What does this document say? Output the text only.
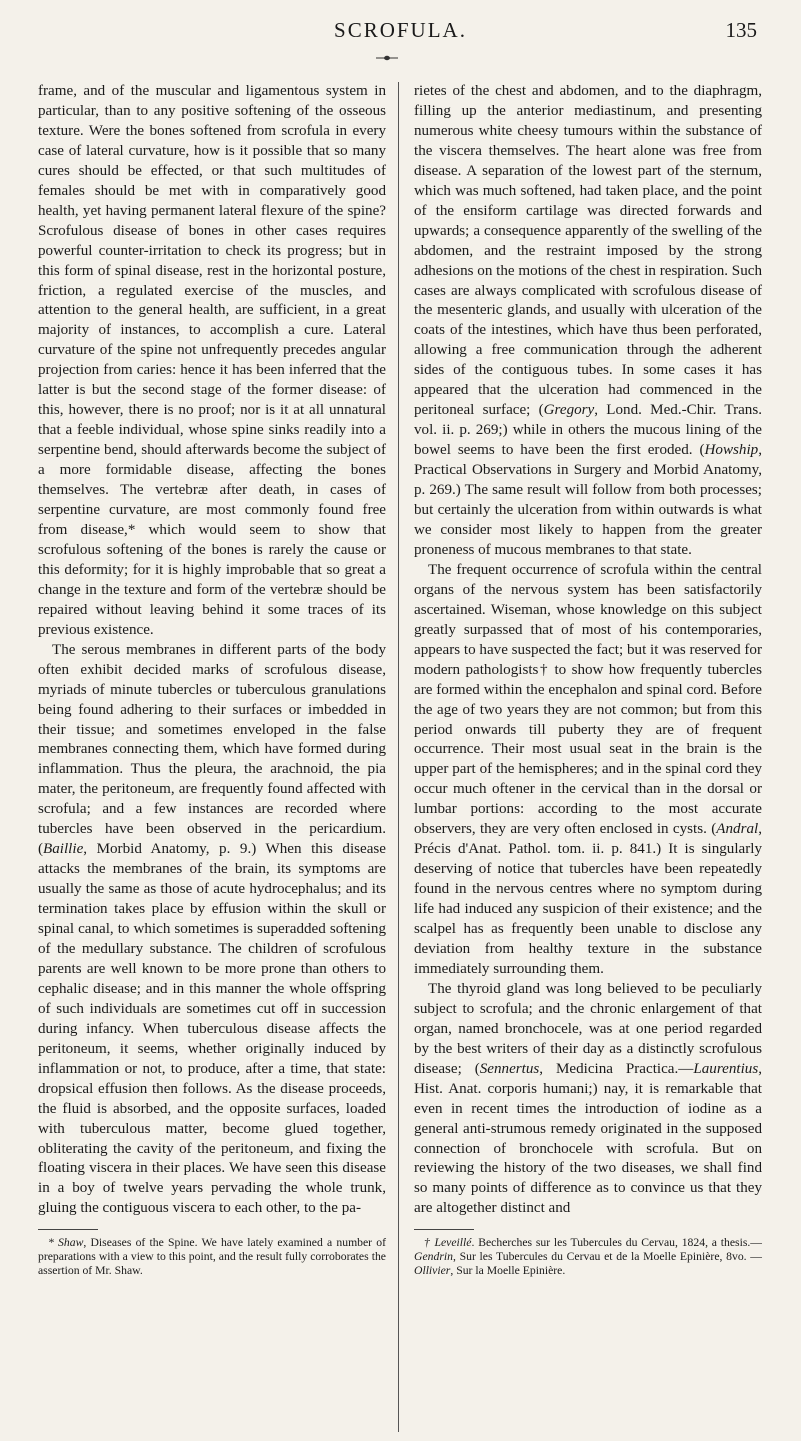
SCROFULA.	135

frame, and of the muscular and ligamentous system in particular, than to any positive softening of the osseous texture. Were the bones softened from scrofula in every case of lateral curvature, how is it possible that so many cures should be effected, or that such multitudes of females should be met with in comparatively good health, yet having permanent lateral flexure of the spine? Scrofulous disease of bones in other cases requires powerful counter-irritation to check its progress; but in this form of spinal disease, rest in the horizontal posture, friction, a regulated exercise of the muscles, and attention to the general health, are sufficient, in a great majority of instances, to accomplish a cure. Lateral curvature of the spine not unfrequently precedes angular projection from caries: hence it has been inferred that the latter is but the second stage of the former disease: of this, however, there is no proof; nor is it at all unnatural that a feeble individual, whose spine sinks readily into a serpentine bend, should afterwards become the subject of a more formidable disease, affecting the bones themselves. The vertebræ after death, in cases of serpentine curvature, are most commonly found free from disease,* which would seem to show that scrofulous softening of the bones is rarely the cause or this deformity; for it is highly improbable that so great a change in the texture and form of the vertebræ should be repaired without leaving behind it some traces of its previous existence.

The serous membranes in different parts of the body often exhibit decided marks of scrofulous disease, myriads of minute tubercles or tuberculous granulations being found adhering to their surfaces or imbedded in their tissue; and sometimes enveloped in the false membranes connecting them, which have formed during inflammation. Thus the pleura, the arachnoid, the pia mater, the peritoneum, are frequently found affected with scrofula; and a few instances are recorded where tubercles have been observed in the pericardium. (Baillie, Morbid Anatomy, p. 9.) When this disease attacks the membranes of the brain, its symptoms are usually the same as those of acute hydrocephalus; and its termination takes place by effusion within the skull or spinal canal, to which sometimes is superadded softening of the medullary substance. The children of scrofulous parents are well known to be more prone than others to cephalic disease; and in this manner the whole offspring of such individuals are sometimes cut off in succession during infancy. When tuberculous disease affects the peritoneum, it seems, whether originally induced by inflammation or not, to produce, after a time, that state: dropsical effusion then follows. As the disease proceeds, the fluid is absorbed, and the opposite surfaces, loaded with tuberculous matter, become glued together, obliterating the cavity of the peritoneum, and fixing the floating viscera in their places. We have seen this disease in a boy of twelve years pervading the whole trunk, gluing the contiguous viscera to each other, to the pa-

* Shaw, Diseases of the Spine. We have lately examined a number of preparations with a view to this point, and the result fully corroborates the assertion of Mr. Shaw.

rietes of the chest and abdomen, and to the diaphragm, filling up the anterior mediastinum, and presenting numerous white cheesy tumours within the substance of the viscera themselves. The heart alone was free from disease. A separation of the lowest part of the sternum, which was much softened, had taken place, and the point of the ensiform cartilage was directed forwards and upwards; a consequence apparently of the swelling of the abdomen, and the restraint imposed by the strong adhesions on the motions of the chest in respiration. Such cases are always complicated with scrofulous disease of the mesenteric glands, and usually with ulceration of the coats of the intestines, which have thus been perforated, allowing a free communication through the adherent sides of the contiguous tubes. In some cases it has appeared that the ulceration had commenced in the peritoneal surface; (Gregory, Lond. Med.-Chir. Trans. vol. ii. p. 269;) while in others the mucous lining of the bowel seems to have been the first eroded. (Howship, Practical Observations in Surgery and Morbid Anatomy, p. 269.) The same result will follow from both processes; but certainly the ulceration from within outwards is what we consider most likely to happen from the greater proneness of mucous membranes to that state.

The frequent occurrence of scrofula within the central organs of the nervous system has been satisfactorily ascertained. Wiseman, whose knowledge on this subject greatly surpassed that of most of his contemporaries, appears to have suspected the fact; but it was reserved for modern pathologists† to show how frequently tubercles are formed within the encephalon and spinal cord. Before the age of two years they are not common; but from this period onwards till puberty they are of frequent occurrence. Their most usual seat in the brain is the upper part of the hemispheres; and in the spinal cord they occur much oftener in the cervical than in the dorsal or lumbar portions: according to the most accurate observers, they are very often enclosed in cysts. (Andral, Précis d'Anat. Pathol. tom. ii. p. 841.) It is singularly deserving of notice that tubercles have been repeatedly found in the nervous centres where no symptom during life had induced any suspicion of their existence; and the scalpel has as frequently been unable to disclose any deviation from healthy texture in the substance immediately surrounding them.

The thyroid gland was long believed to be peculiarly subject to scrofula; and the chronic enlargement of that organ, named bronchocele, was at one period regarded by the best writers of their day as a distinctly scrofulous disease; (Sennertus, Medicina Practica.—Laurentius, Hist. Anat. corporis humani;) nay, it is remarkable that even in recent times the introduction of iodine as a general anti-strumous remedy originated in the supposed connection of bronchocele with scrofula. But on reviewing the history of the two diseases, we shall find so many points of difference as to convince us that they are altogether distinct and

† Leveillé. Becherches sur les Tubercules du Cervau, 1824, a thesis.—Gendrin, Sur les Tubercules du Cervau et de la Moelle Epinière, 8vo. — Ollivier, Sur la Moelle Epinière.
